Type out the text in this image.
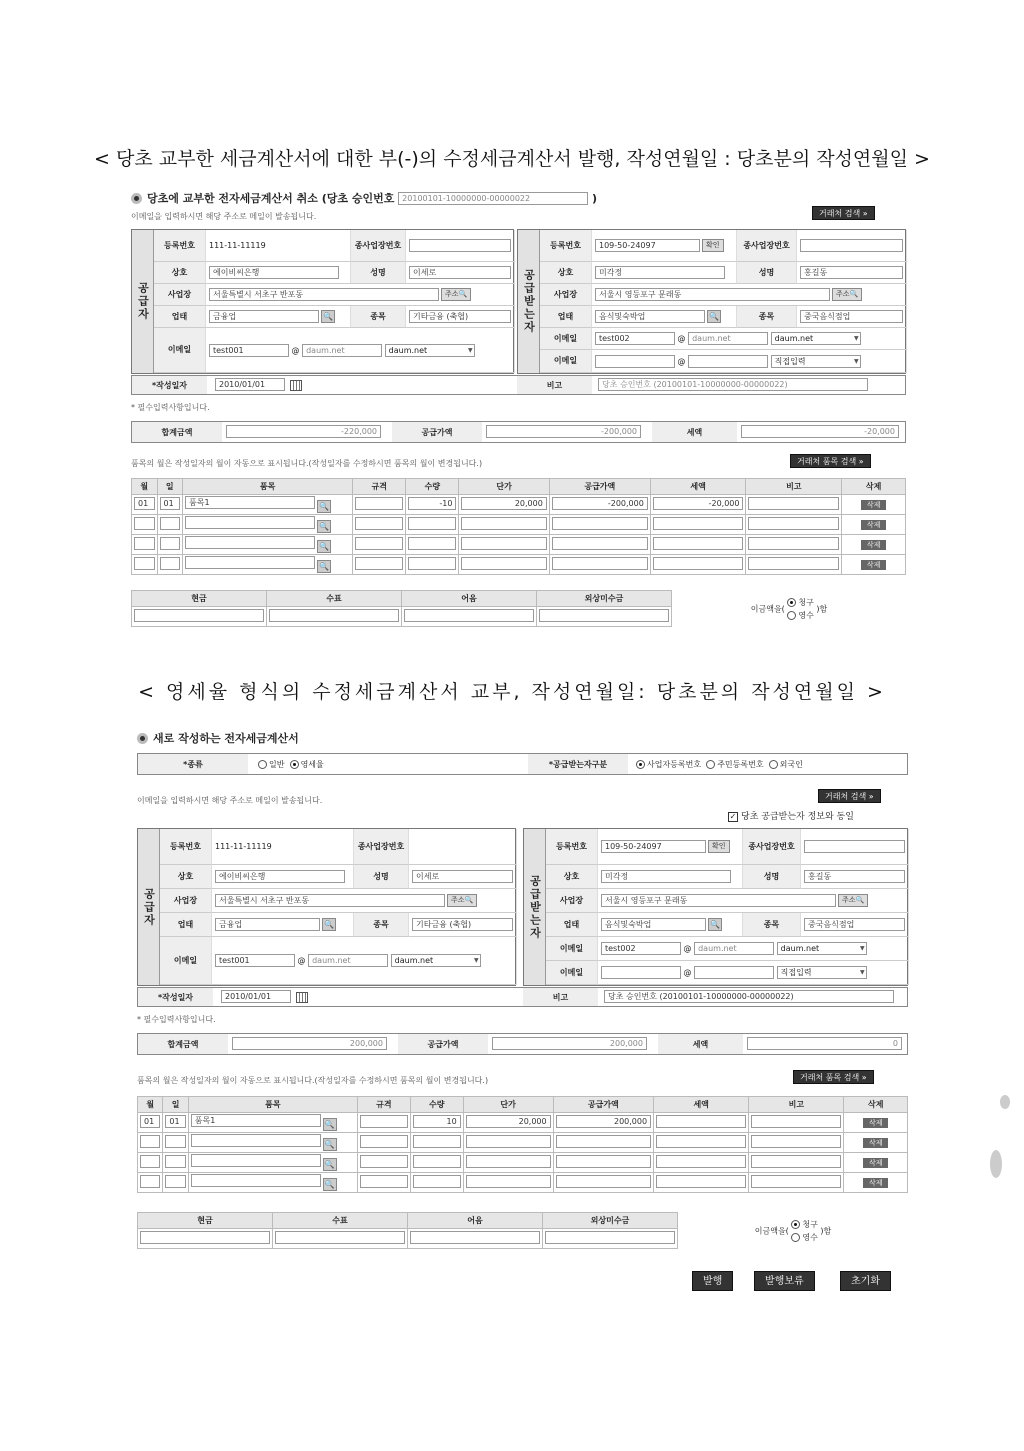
< 당초 교부한 세금계산서에 대한 부(-)의 수정세금계산서 발행, 작성연월일 : 당초분의 작성연월일 >
당초에 교부한 전자세금계산서 취소 (당초 승인번호
20100101-10000000-00000022
	)
이메일을 입력하시면 해당 주소로 메일이 발송됩니다.	거래처 검색 »
공급자
등록번호	111-11-11119	종사업장번호
상호	에이비씨은행	성명	이세로
사업장	서울특별시 서초구 반포동	주소🔍
업태	금융업	🔍	종목	기타금융 (축협)
이메일	test001	@ daum.net
	daum.net ▼
공급받는자
등록번호	109-50-24097	확인	종사업장번호
상호	미각정	성명	홍길동
사업장	서울시 영등포구 문래동	주소🔍
업태	음식및숙박업	🔍	종목	중국음식점업
이메일	test002	@ daum.net
	daum.net ▼
이메일	@
	직접입력 ▼
*작성일자	2010/01/01	비고	당초 승인번호 (20100101-10000000-00000022)
* 필수입력사항입니다.
합계금액	-220,000	공급가액	-200,000	세액	-20,000
품목의 월은 작성일자의 월이 자동으로 표시됩니다.(작성일자를 수정하시면 품목의 월이 변경됩니다.)	거래처 품목 검색 »
월	일	품목	규격	수량	단가	공급가액	세액	비고	삭제
01	01	품목1 🔍		-10	20,000	-200,000	-20,000		삭제
		🔍							삭제
		🔍							삭제
		🔍							삭제
현금	수표	어음	외상미수금	이금액을( 청구
영수 )함

< 영세율 형식의 수정세금계산서 교부, 작성연월일: 당초분의 작성연월일 >
새로 작성하는 전자세금계산서
*종류	일반 영세율	*공급받는자구분	사업자등록번호 주민등록번호 외국인
이메일을 입력하시면 해당 주소로 메일이 발송됩니다.	거래처 검색 »
✓ 당초 공급받는자 정보와 동일
공급자
등록번호	111-11-11119	종사업장번호
상호	에이비씨은행	성명	이세로
사업장	서울특별시 서초구 반포동	주소🔍
업태	금융업	🔍	종목	기타금융 (축협)
이메일	test001	@ daum.net
	daum.net ▼
공급받는자
등록번호	109-50-24097	확인	종사업장번호
상호	미각정	성명	홍길동
사업장	서울시 영등포구 문래동	주소🔍
업태	음식및숙박업	🔍	종목	중국음식점업
이메일	test002	@ daum.net
	daum.net ▼
이메일	@
	직접입력 ▼
*작성일자	2010/01/01	비고	당초 승인번호 (20100101-10000000-00000022)
* 필수입력사항입니다.
합계금액	200,000	공급가액	200,000	세액	0
품목의 월은 작성일자의 월이 자동으로 표시됩니다.(작성일자를 수정하시면 품목의 월이 변경됩니다.)	거래처 품목 검색 »
월	일	품목	규격	수량	단가	공급가액	세액	비고	삭제
01	01	품목1 🔍		10	20,000	200,000			삭제
		🔍							삭제
		🔍							삭제
		🔍							삭제
현금	수표	어음	외상미수금	이금액을( 청구
영수 )함

발행	발행보류	초기화
